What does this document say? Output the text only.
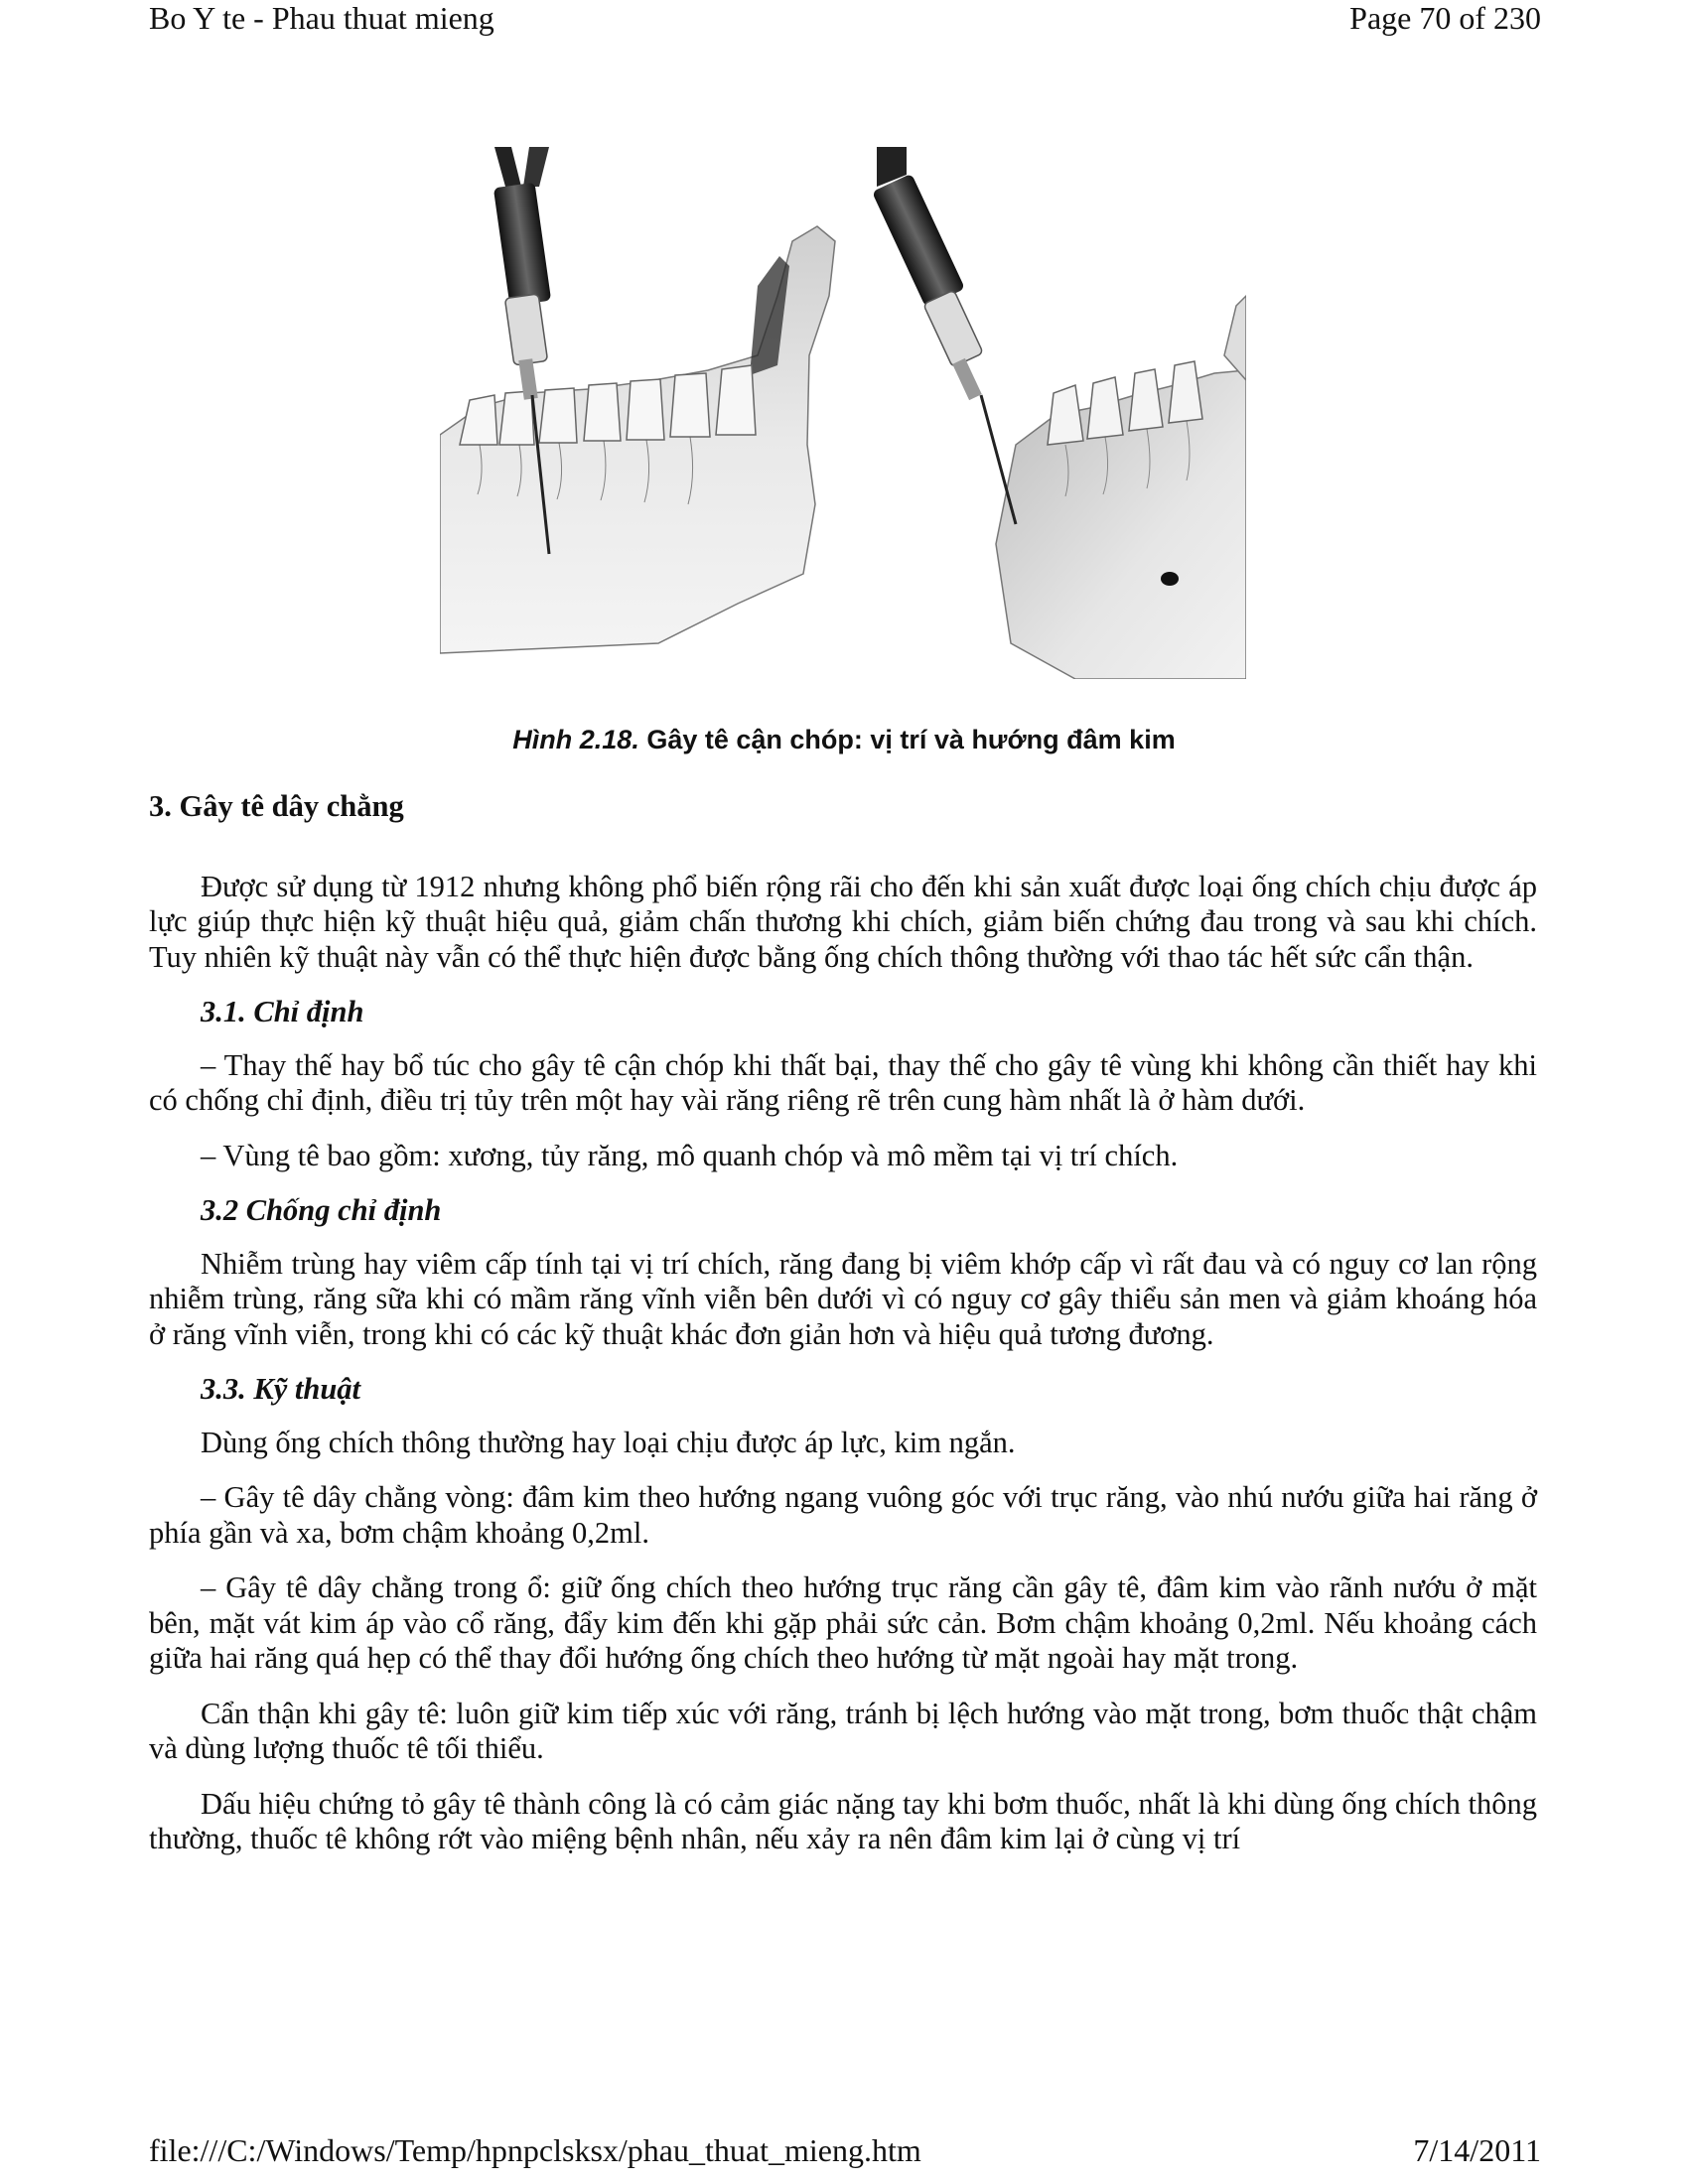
Bo Y te - Phau thuat mieng	Page 70 of 230
Hình 2.18. Gây tê cận chóp: vị trí và hướng đâm kim

3. Gây tê dây chằng

Được sử dụng từ 1912 nhưng không phổ biến rộng rãi cho đến khi sản xuất được loại ống chích chịu được áp lực giúp thực hiện kỹ thuật hiệu quả, giảm chấn thương khi chích, giảm biến chứng đau trong và sau khi chích. Tuy nhiên kỹ thuật này vẫn có thể thực hiện được bằng ống chích thông thường với thao tác hết sức cẩn thận.

3.1. Chỉ định

– Thay thế hay bổ túc cho gây tê cận chóp khi thất bại, thay thế cho gây tê vùng khi không cần thiết hay khi có chống chỉ định, điều trị tủy trên một hay vài răng riêng rẽ trên cung hàm nhất là ở hàm dưới.

– Vùng tê bao gồm: xương, tủy răng, mô quanh chóp và mô mềm tại vị trí chích.

3.2 Chống chỉ định

Nhiễm trùng hay viêm cấp tính tại vị trí chích, răng đang bị viêm khớp cấp vì rất đau và có nguy cơ lan rộng nhiễm trùng, răng sữa khi có mầm răng vĩnh viễn bên dưới vì có nguy cơ gây thiểu sản men và giảm khoáng hóa ở răng vĩnh viễn, trong khi có các kỹ thuật khác đơn giản hơn và hiệu quả tương đương.

3.3. Kỹ thuật

Dùng ống chích thông thường hay loại chịu được áp lực, kim ngắn.

– Gây tê dây chằng vòng: đâm kim theo hướng ngang vuông góc với trục răng, vào nhú nướu giữa hai răng ở phía gần và xa, bơm chậm khoảng 0,2ml.

– Gây tê dây chằng trong ổ: giữ ống chích theo hướng trục răng cần gây tê, đâm kim vào rãnh nướu ở mặt bên, mặt vát kim áp vào cổ răng, đẩy kim đến khi gặp phải sức cản. Bơm chậm khoảng 0,2ml. Nếu khoảng cách giữa hai răng quá hẹp có thể thay đổi hướng ống chích theo hướng từ mặt ngoài hay mặt trong.

Cẩn thận khi gây tê: luôn giữ kim tiếp xúc với răng, tránh bị lệch hướng vào mặt trong, bơm thuốc thật chậm và dùng lượng thuốc tê tối thiểu.

Dấu hiệu chứng tỏ gây tê thành công là có cảm giác nặng tay khi bơm thuốc, nhất là khi dùng ống chích thông thường, thuốc tê không rớt vào miệng bệnh nhân, nếu xảy ra nên đâm kim lại ở cùng vị trí

file:///C:/Windows/Temp/hpnpclsksx/phau_thuat_mieng.htm	7/14/2011
